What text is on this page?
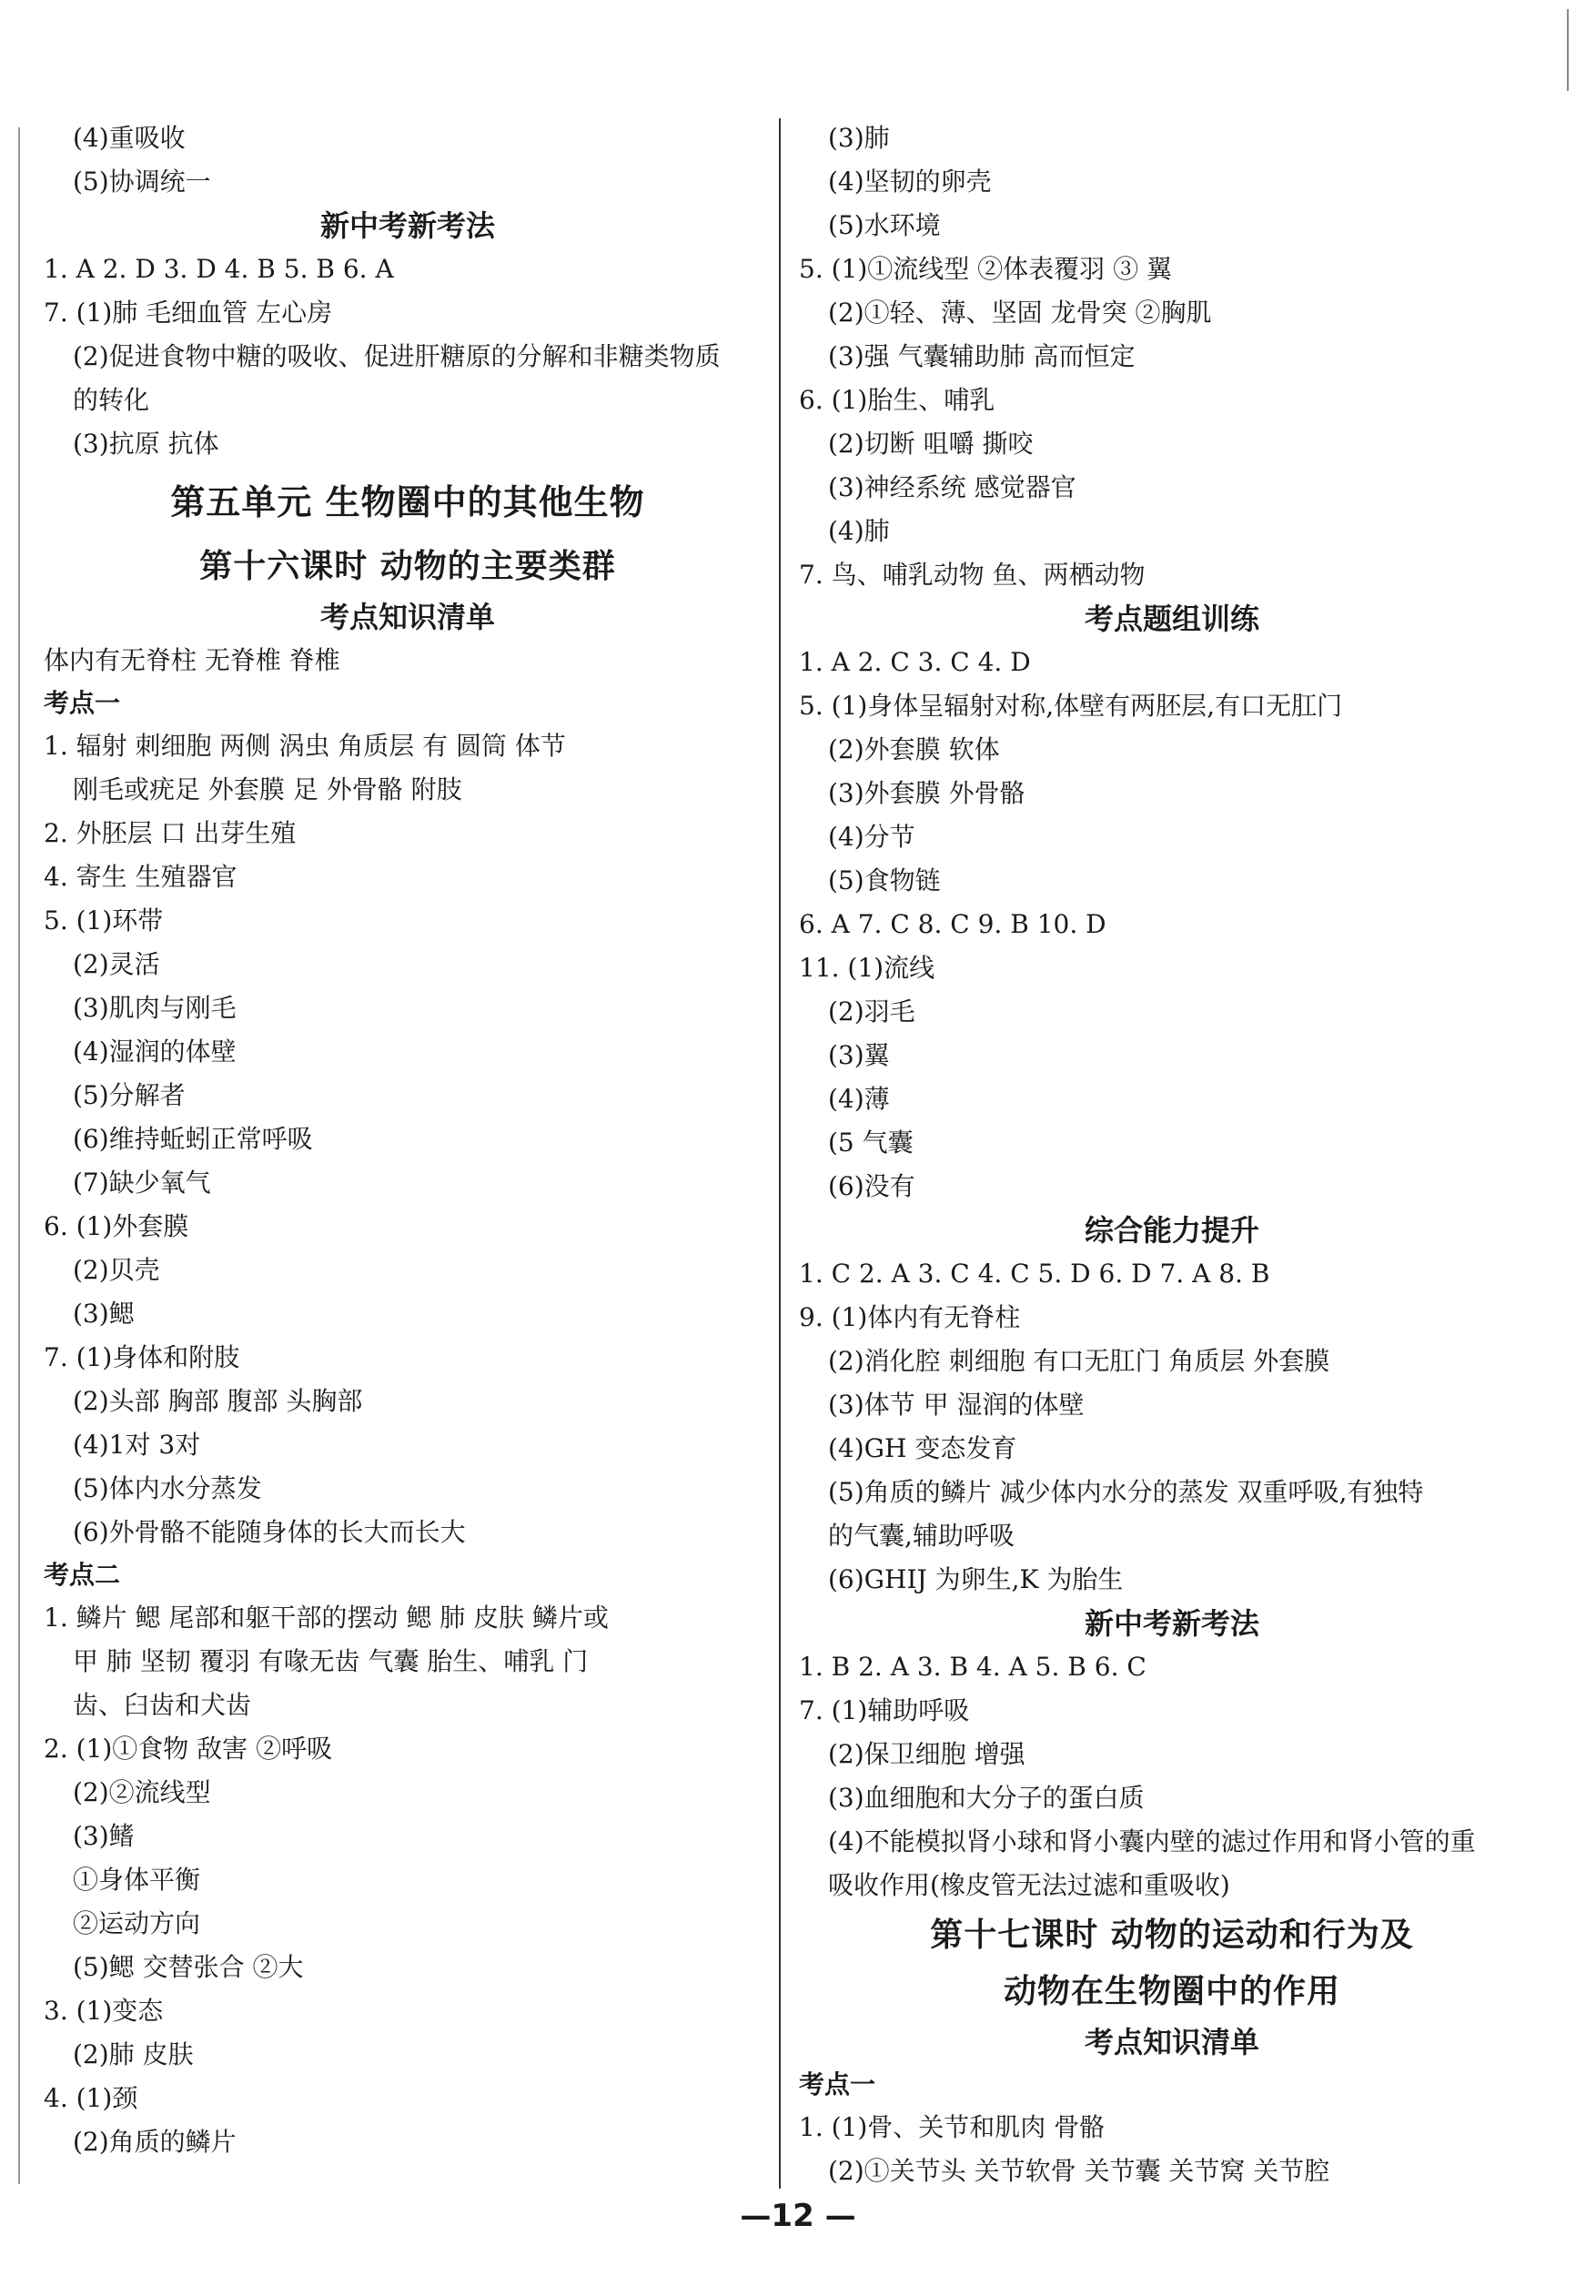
(4)重吸收
(5)协调统一
新中考新考法
1. A 2. D 3. D 4. B 5. B 6. A
7. (1)肺 毛细血管 左心房
(2)促进食物中糖的吸收、促进肝糖原的分解和非糖类物质
的转化
(3)抗原 抗体
第五单元 生物圈中的其他生物
第十六课时 动物的主要类群
考点知识清单
体内有无脊柱 无脊椎 脊椎
考点一
1. 辐射 刺细胞 两侧 涡虫 角质层 有 圆筒 体节
刚毛或疣足 外套膜 足 外骨骼 附肢
2. 外胚层 口 出芽生殖
4. 寄生 生殖器官
5. (1)环带
(2)灵活
(3)肌肉与刚毛
(4)湿润的体壁
(5)分解者
(6)维持蚯蚓正常呼吸
(7)缺少氧气
6. (1)外套膜
(2)贝壳
(3)鳃
7. (1)身体和附肢
(2)头部 胸部 腹部 头胸部
(4)1对 3对
(5)体内水分蒸发
(6)外骨骼不能随身体的长大而长大
考点二
1. 鳞片 鳃 尾部和躯干部的摆动 鳃 肺 皮肤 鳞片或
甲 肺 坚韧 覆羽 有喙无齿 气囊 胎生、哺乳 门
齿、臼齿和犬齿
2. (1)①食物 敌害 ②呼吸
(2)②流线型
(3)鳍
①身体平衡
②运动方向
(5)鳃 交替张合 ②大
3. (1)变态
(2)肺 皮肤
4. (1)颈
(2)角质的鳞片
(3)肺
(4)坚韧的卵壳
(5)水环境
5. (1)①流线型 ②体表覆羽 ③ 翼
(2)①轻、薄、坚固 龙骨突 ②胸肌
(3)强 气囊辅助肺 高而恒定
6. (1)胎生、哺乳
(2)切断 咀嚼 撕咬
(3)神经系统 感觉器官
(4)肺
7. 鸟、哺乳动物 鱼、两栖动物
考点题组训练
1. A 2. C 3. C 4. D
5. (1)身体呈辐射对称,体壁有两胚层,有口无肛门
(2)外套膜 软体
(3)外套膜 外骨骼
(4)分节
(5)食物链
6. A 7. C 8. C 9. B 10. D
11. (1)流线
(2)羽毛
(3)翼
(4)薄
(5 气囊
(6)没有
综合能力提升
1. C 2. A 3. C 4. C 5. D 6. D 7. A 8. B
9. (1)体内有无脊柱
(2)消化腔 刺细胞 有口无肛门 角质层 外套膜
(3)体节 甲 湿润的体壁
(4)GH 变态发育
(5)角质的鳞片 减少体内水分的蒸发 双重呼吸,有独特
的气囊,辅助呼吸
(6)GHIJ 为卵生,K 为胎生
新中考新考法
1. B 2. A 3. B 4. A 5. B 6. C
7. (1)辅助呼吸
(2)保卫细胞 增强
(3)血细胞和大分子的蛋白质
(4)不能模拟肾小球和肾小囊内壁的滤过作用和肾小管的重
吸收作用(橡皮管无法过滤和重吸收)
第十七课时 动物的运动和行为及
动物在生物圈中的作用
考点知识清单
考点一
1. (1)骨、关节和肌肉 骨骼
(2)①关节头 关节软骨 关节囊 关节窝 关节腔
—12 —
